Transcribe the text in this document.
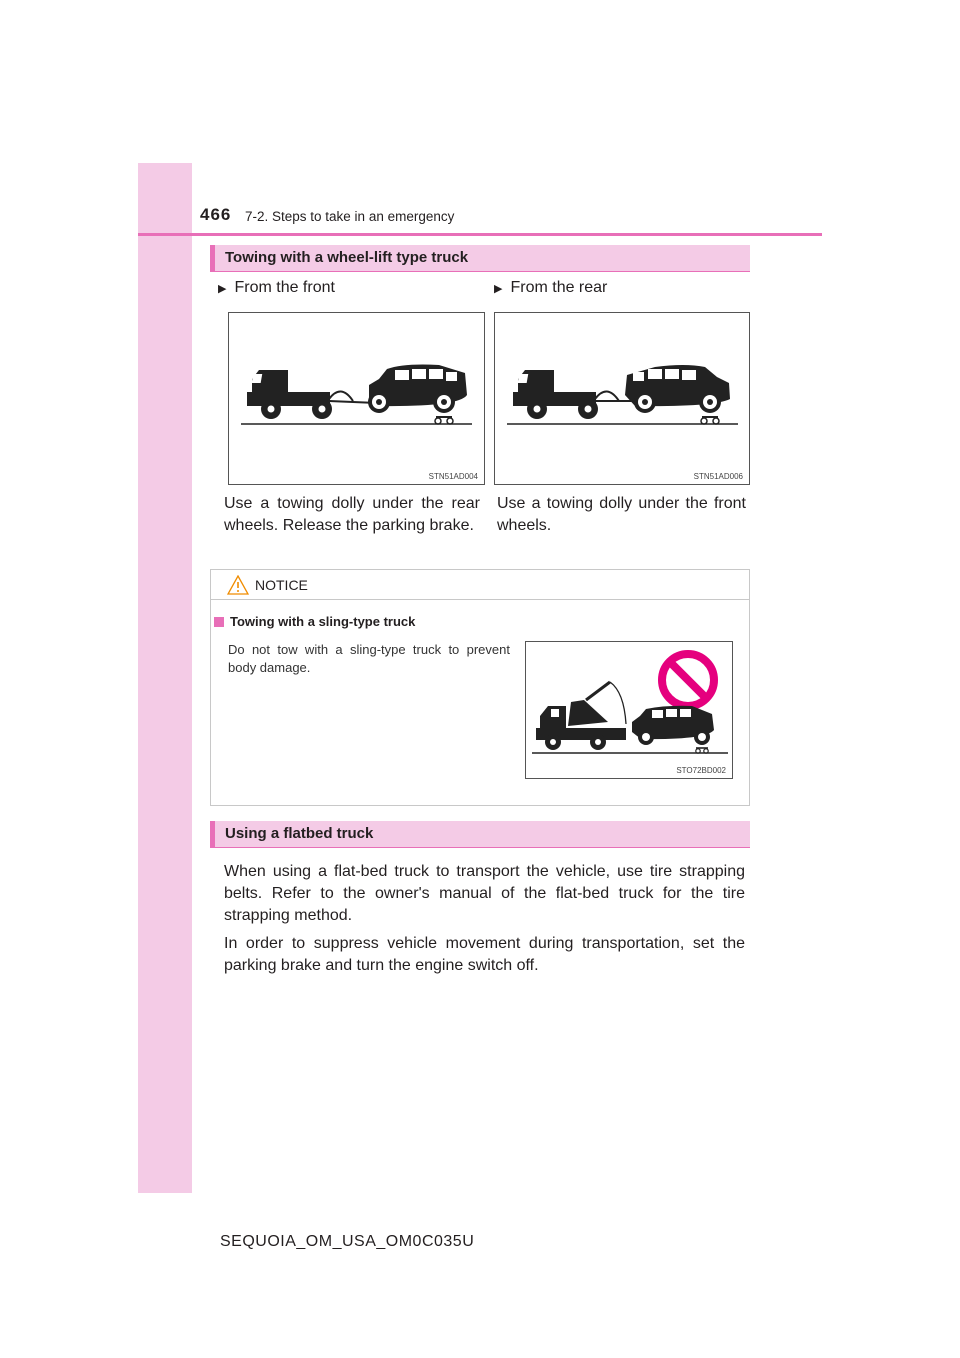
466 7-2. Steps to take in an emergency
Towing with a wheel-lift type truck
▶ From the front	▶ From the rear
STN51AD004	STN51AD006
Use a towing dolly under the rear wheels. Release the parking brake.
Use a towing dolly under the front wheels.
NOTICE
Towing with a sling-type truck
Do not tow with a sling-type truck to prevent body damage.
STO72BD002
Using a flatbed truck
When using a flat-bed truck to transport the vehicle, use tire strapping belts. Refer to the owner's manual of the flat-bed truck for the tire strapping method.
In order to suppress vehicle movement during transportation, set the parking brake and turn the engine switch off.
SEQUOIA_OM_USA_OM0C035U
